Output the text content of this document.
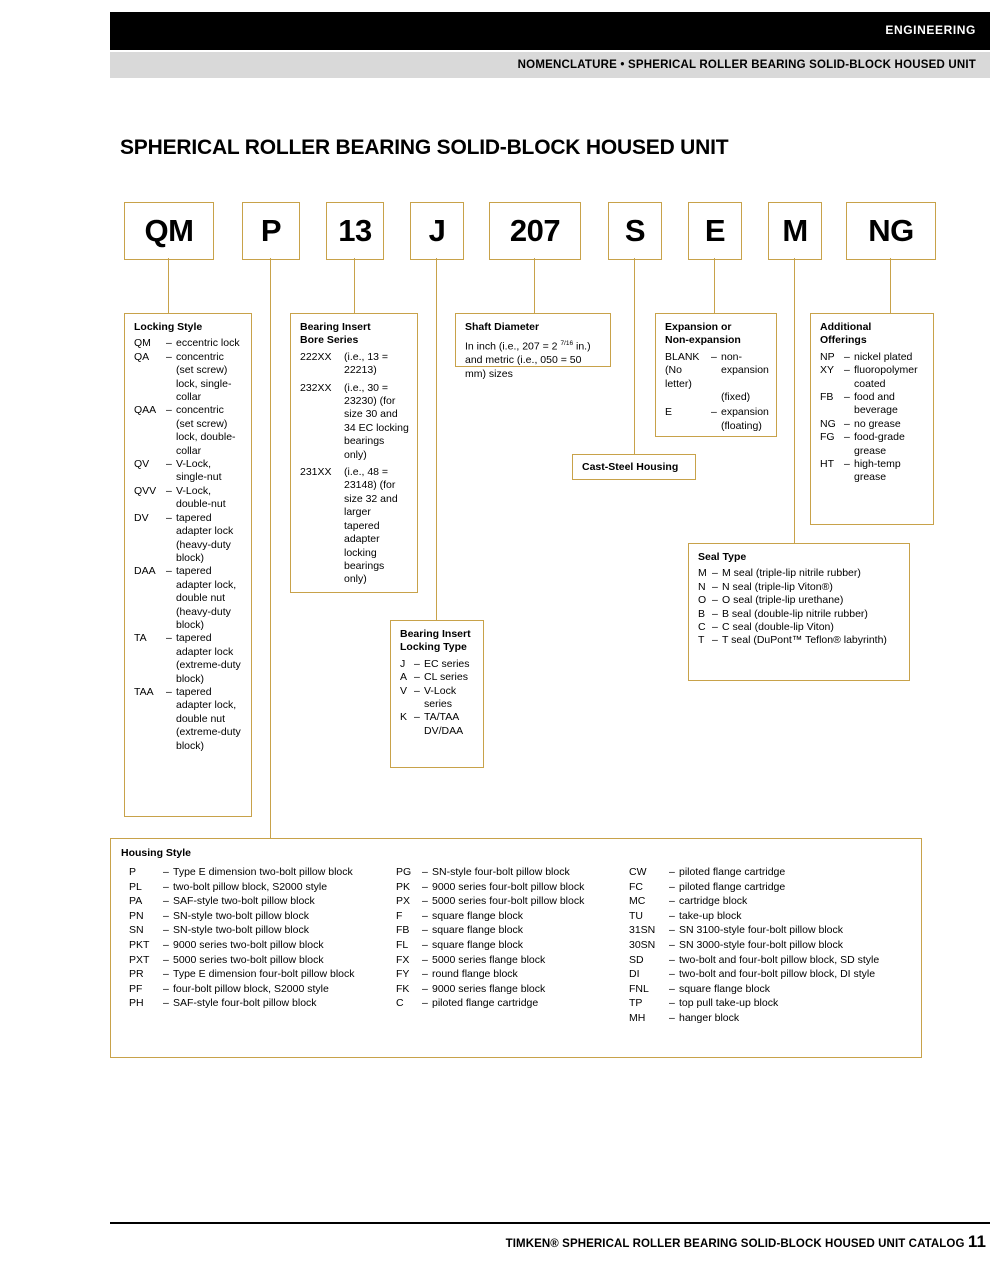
ENGINEERING
NOMENCLATURE • SPHERICAL ROLLER BEARING SOLID-BLOCK HOUSED UNIT
SPHERICAL ROLLER BEARING SOLID-BLOCK HOUSED UNIT
QM	P	13	J	207	S	E	M	NG
Locking Style
QM	– eccentric lock
QA	– concentric (set screw) lock, single-collar
QAA – concentric (set screw) lock, double-collar
QV	– V-Lock, single-nut
QVV – V-Lock, double-nut
DV	– tapered adapter lock (heavy-duty block)
DAA – tapered adapter lock, double nut (heavy-duty block)
TA	– tapered adapter lock (extreme-duty block)
TAA	– tapered adapter lock, double nut (extreme-duty block)
Bearing Insert
Bore Series
222XX	(i.e., 13 = 22213)
232XX	(i.e., 30 = 23230) (for size 30 and 34 EC locking bearings only)
231XX	(i.e., 48 = 23148) (for size 32 and larger tapered adapter locking bearings only)
Bearing Insert
Locking Type
J – EC series
A – CL series
V – V-Lock series
K – TA/TAA DV/DAA
Shaft Diameter
In inch (i.e., 207 = 2 $^{7/16}$ in.) and metric (i.e., 050 = 50 mm) sizes
Cast-Steel Housing
Expansion or
Non-expansion
BLANK	– non-
(No letter)
expansion
(fixed)
E	– expansion
(floating)
Additional
Offerings
NP – nickel plated
XY – fluoropolymer coated
FB	– food and beverage
NG – no grease
FG – food-grade grease
HT – high-temp grease
Seal Type
M – M seal (triple-lip nitrile rubber)
N – N seal (triple-lip Viton®)
O – O seal (triple-lip urethane)
B – B seal (double-lip nitrile rubber)
C – C seal (double-lip Viton)
T – T seal (DuPont™ Teflon® labyrinth)
Housing Style
P	– Type E dimension two-bolt pillow block
PL	– two-bolt pillow block, S2000 style
PA	– SAF-style two-bolt pillow block
PN	– SN-style two-bolt pillow block
SN	– SN-style two-bolt pillow block
PKT	– 9000 series two-bolt pillow block
PXT	– 5000 series two-bolt pillow block
PR	– Type E dimension four-bolt pillow block
PF	– four-bolt pillow block, S2000 style
PH	– SAF-style four-bolt pillow block
PG	– SN-style four-bolt pillow block
PK	– 9000 series four-bolt pillow block
PX	– 5000 series four-bolt pillow block
F	– square flange block
FB	– square flange block
FL	– square flange block
FX	– 5000 series flange block
FY	– round flange block
FK	– 9000 series flange block
C	– piloted flange cartridge
CW	– piloted flange cartridge
FC	– piloted flange cartridge
MC	– cartridge block
TU	– take-up block
31SN	– SN 3100-style four-bolt pillow block
30SN	– SN 3000-style four-bolt pillow block
SD	– two-bolt and four-bolt pillow block, SD style
DI	– two-bolt and four-bolt pillow block, DI style
FNL	– square flange block
TP	– top pull take-up block
MH	– hanger block
TIMKEN® SPHERICAL ROLLER BEARING SOLID-BLOCK HOUSED UNIT CATALOG 11
